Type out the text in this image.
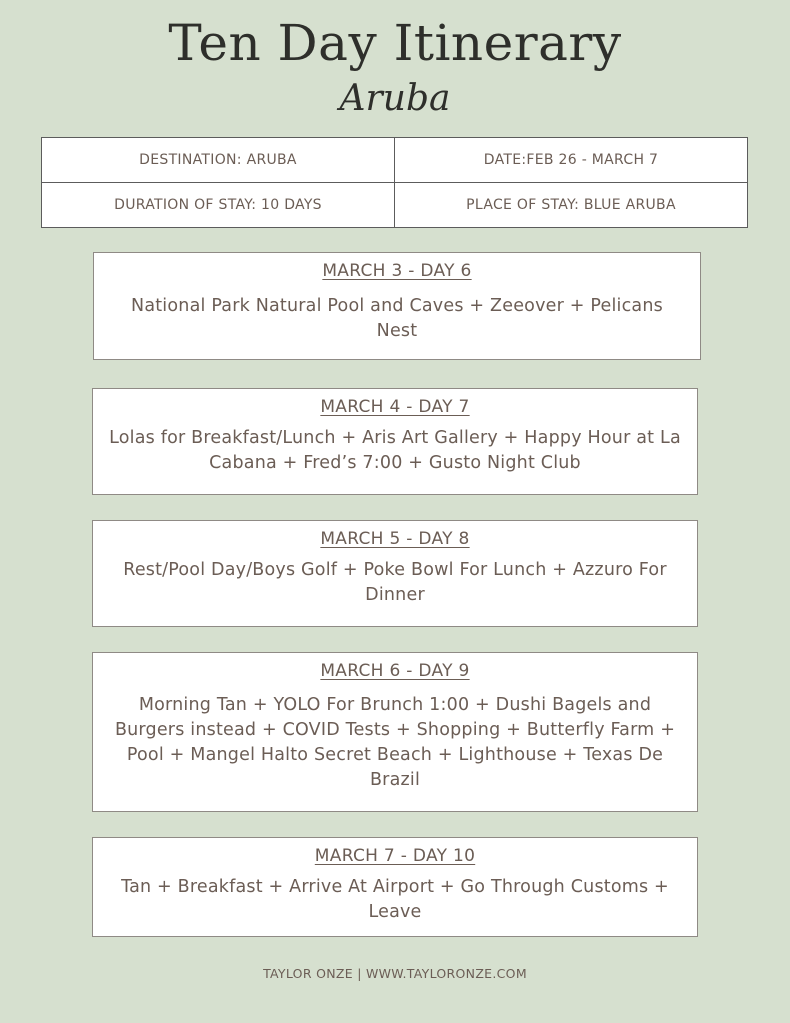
Ten Day Itinerary
Aruba
DESTINATION: ARUBA	DATE:FEB 26 - MARCH 7
DURATION OF STAY: 10 DAYS	PLACE OF STAY: BLUE ARUBA
MARCH 3 - DAY 6
National Park Natural Pool and Caves + Zeeover + Pelicans Nest
MARCH 4 - DAY 7
Lolas for Breakfast/Lunch + Aris Art Gallery + Happy Hour at La Cabana + Fred’s 7:00 + Gusto Night Club
MARCH 5 - DAY 8
Rest/Pool Day/Boys Golf + Poke Bowl For Lunch + Azzuro For Dinner
MARCH 6 - DAY 9
Morning Tan + YOLO For Brunch 1:00 + Dushi Bagels and Burgers instead + COVID Tests + Shopping + Butterfly Farm + Pool + Mangel Halto Secret Beach + Lighthouse + Texas De Brazil
MARCH 7 - DAY 10
Tan + Breakfast + Arrive At Airport + Go Through Customs + Leave
TAYLOR ONZE | WWW.TAYLORONZE.COM
